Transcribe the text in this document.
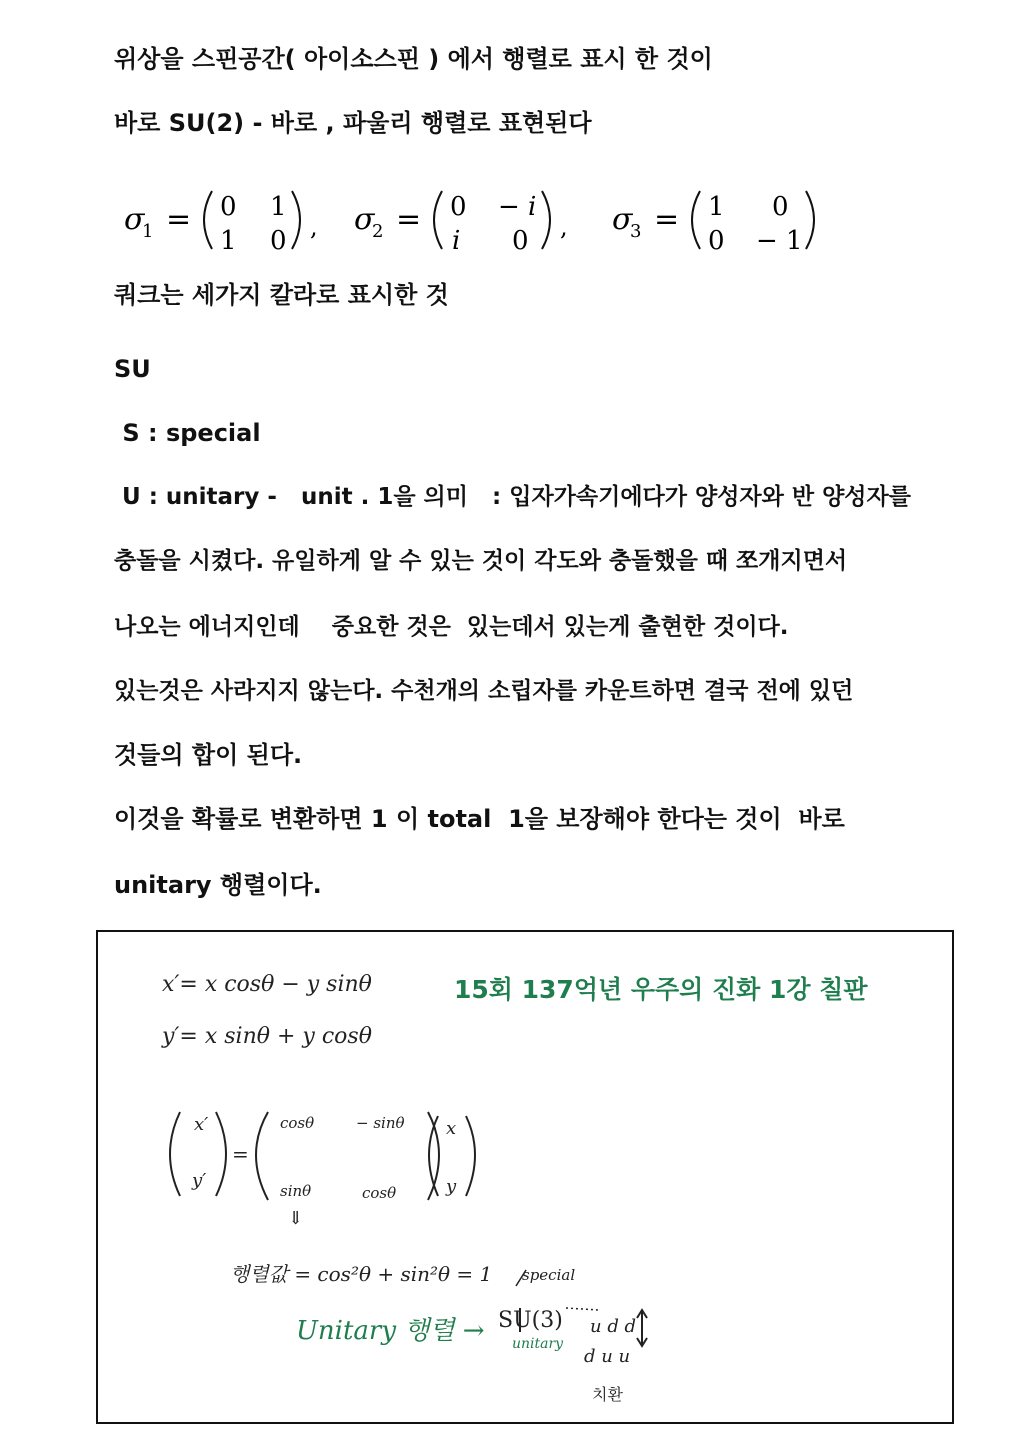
위상을 스핀공간( 아이소스핀 ) 에서 행렬로 표시 한 것이
바로 SU(2) - 바로 , 파울리 행렬로 표현된다
σ
1 = 0 1
1 0 , σ
2 = 0 − i
i 0 , σ
3 = 1 0
0 − 1
쿼크는 세가지 칼라로 표시한 것
SU
S : special
U : unitary -   unit . 1을 의미   : 입자가속기에다가 양성자와 반 양성자를
충돌을 시켰다. 유일하게 알 수 있는 것이 각도와 충돌했을 때 쪼개지면서
나오는 에너지인데    중요한 것은  있는데서 있는게 출현한 것이다.
있는것은 사라지지 않는다. 수천개의 소립자를 카운트하면 결국 전에 있던
것들의 합이 된다.
이것을 확률로 변환하면 1 이 total  1을 보장해야 한다는 것이  바로
unitary 행렬이다.
15회 137억년 우주의 진화 1강 칠판
x′= x cosθ − y sinθ
y′= x sinθ + y cosθ
x′
y′
=
cosθ	− sinθ
sinθ	cosθ
x
y
⇓
행렬값 = cos²θ + sin²θ = 1 special
Unitary 행렬 → SU(3) u d d
d u u
unitary
치환
